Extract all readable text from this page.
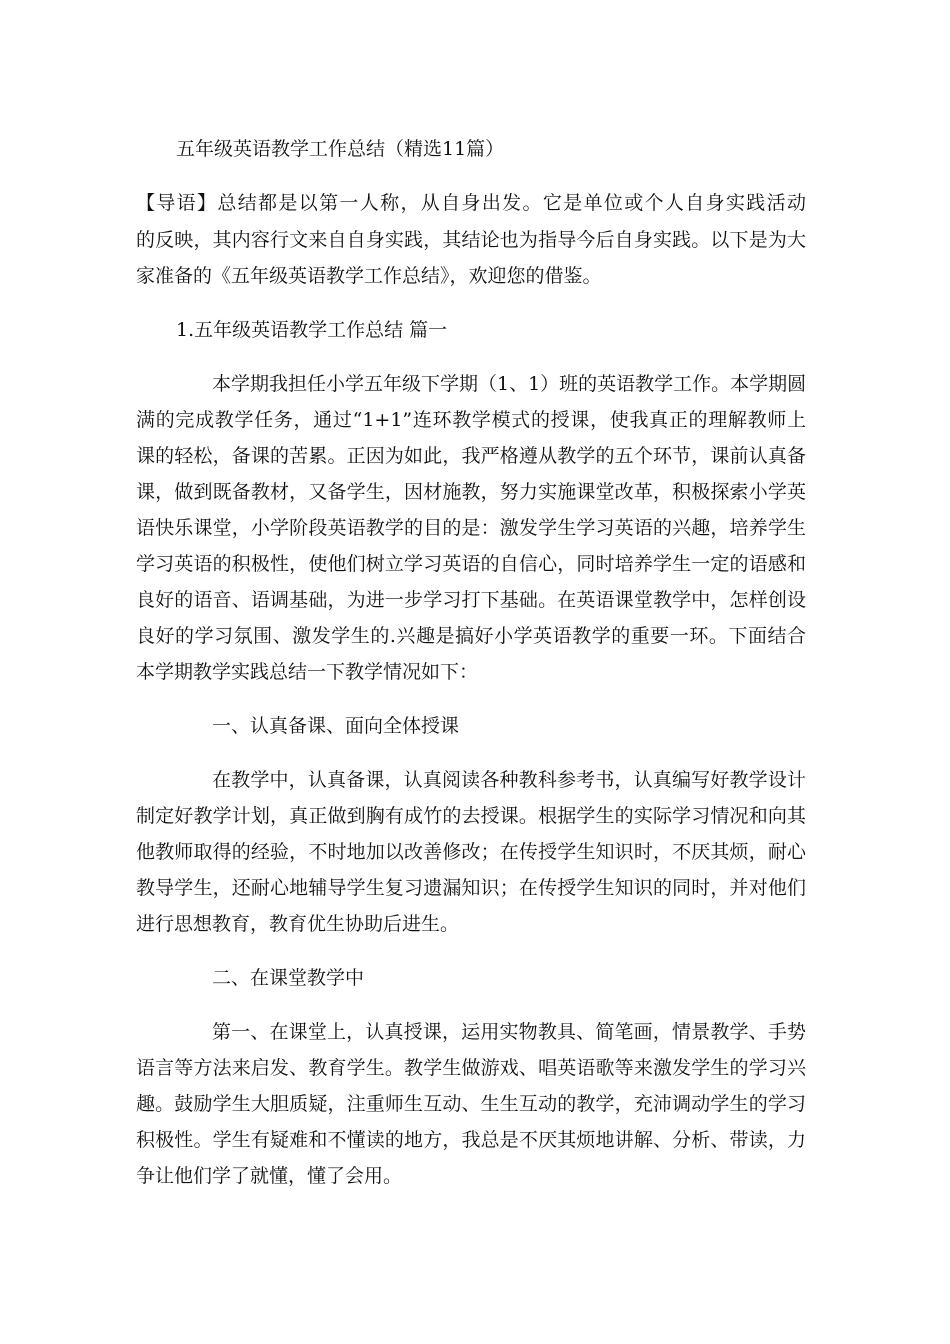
五年级英语教学工作总结（精选11篇）
【导语】总结都是以第一人称，从自身出发。它是单位或个人自身实践活动
的反映，其内容行文来自自身实践，其结论也为指导今后自身实践。以下是为大
家准备的《五年级英语教学工作总结》，欢迎您的借鉴。
1.五年级英语教学工作总结 篇一
本学期我担任小学五年级下学期（1、1）班的英语教学工作。本学期圆
满的完成教学任务，通过“1+1”连环教学模式的授课，使我真正的理解教师上
课的轻松，备课的苦累。正因为如此，我严格遵从教学的五个环节，课前认真备
课，做到既备教材，又备学生，因材施教，努力实施课堂改革，积极探索小学英
语快乐课堂，小学阶段英语教学的目的是：激发学生学习英语的兴趣，培养学生
学习英语的积极性，使他们树立学习英语的自信心，同时培养学生一定的语感和
良好的语音、语调基础，为进一步学习打下基础。在英语课堂教学中，怎样创设
良好的学习氛围、激发学生的.兴趣是搞好小学英语教学的重要一环。下面结合
本学期教学实践总结一下教学情况如下：
一、认真备课、面向全体授课
在教学中，认真备课，认真阅读各种教科参考书，认真编写好教学设计
制定好教学计划，真正做到胸有成竹的去授课。根据学生的实际学习情况和向其
他教师取得的经验，不时地加以改善修改；在传授学生知识时，不厌其烦，耐心
教导学生，还耐心地辅导学生复习遗漏知识；在传授学生知识的同时，并对他们
进行思想教育，教育优生协助后进生。
二、在课堂教学中
第一、在课堂上，认真授课，运用实物教具、简笔画，情景教学、手势
语言等方法来启发、教育学生。教学生做游戏、唱英语歌等来激发学生的学习兴
趣。鼓励学生大胆质疑，注重师生互动、生生互动的教学，充沛调动学生的学习
积极性。学生有疑难和不懂读的地方，我总是不厌其烦地讲解、分析、带读，力
争让他们学了就懂，懂了会用。
